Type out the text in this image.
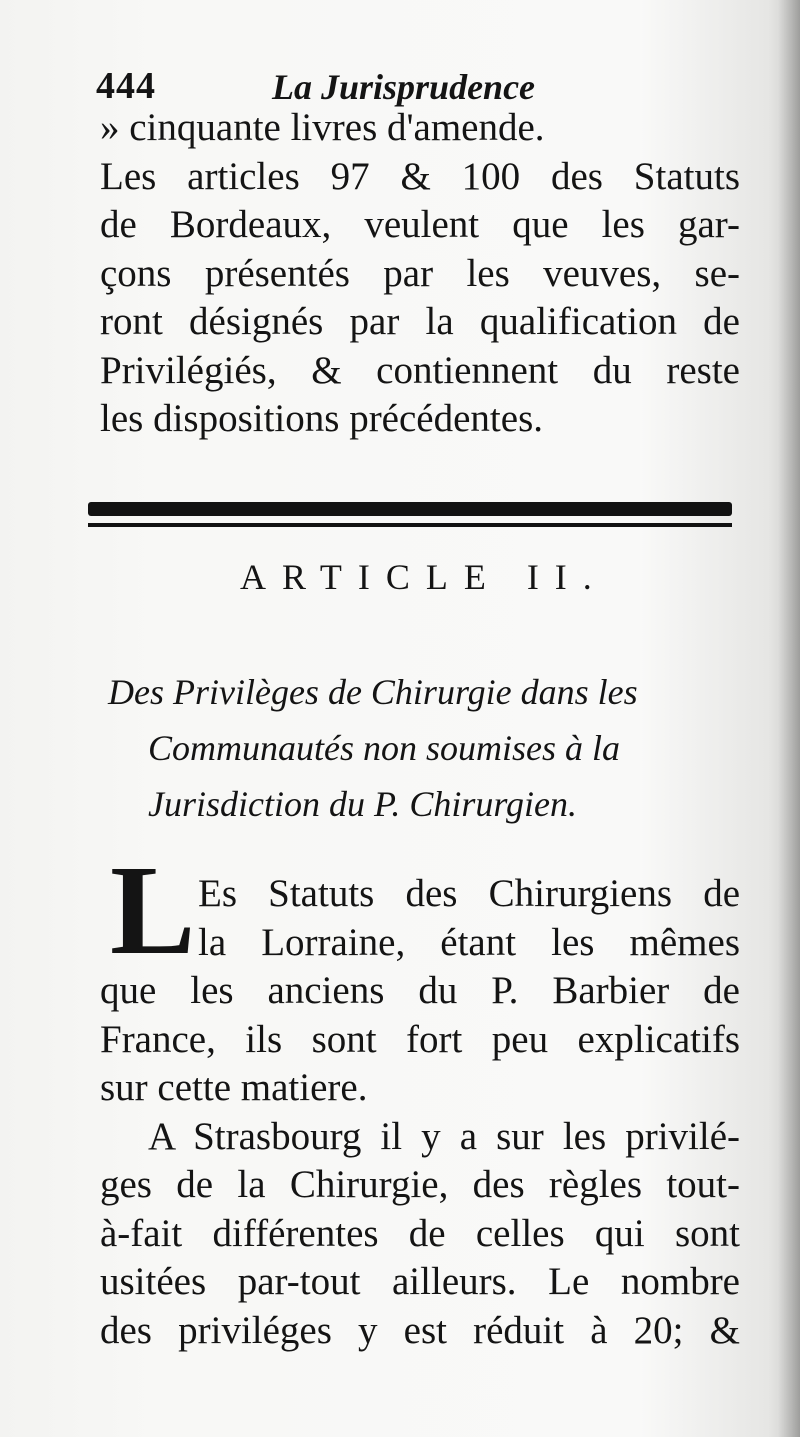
444	La Jurisprudence
» cinquante livres d'amende.
Les articles 97 & 100 des Statuts
de Bordeaux, veulent que les gar-
çons présentés par les veuves, se-
ront désignés par la qualification de
Privilégiés, & contiennent du reste
les dispositions précédentes.
ARTICLE II.
Des Privilèges de Chirurgie dans les
Communautés non soumises à la
Jurisdiction du P. Chirurgien.
L Es Statuts des Chirurgiens de
la Lorraine, étant les mêmes
que les anciens du P. Barbier de
France, ils sont fort peu explicatifs
sur cette matiere.
A Strasbourg il y a sur les privilé-
ges de la Chirurgie, des règles tout-
à-fait différentes de celles qui sont
usitées par-tout ailleurs. Le nombre
des priviléges y est réduit à 20; &
